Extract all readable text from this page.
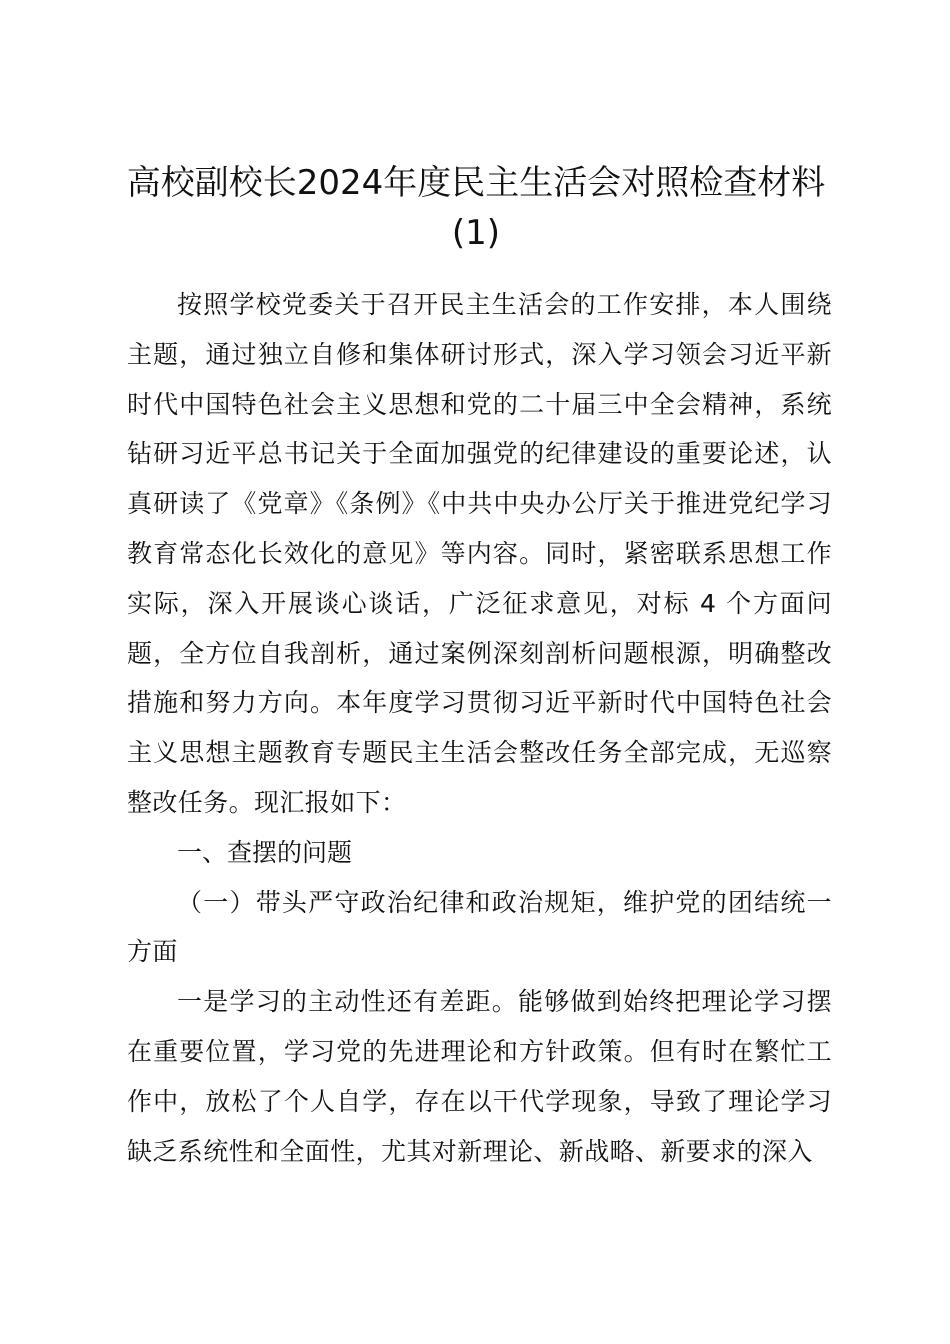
高校副校长2024年度民主生活会对照检查材料(1)

按照学校党委关于召开民主生活会的工作安排，本人围绕主题，通过独立自修和集体研讨形式，深入学习领会习近平新时代中国特色社会主义思想和党的二十届三中全会精神，系统钻研习近平总书记关于全面加强党的纪律建设的重要论述，认真研读了《党章》《条例》《中共中央办公厅关于推进党纪学习教育常态化长效化的意见》等内容。同时，紧密联系思想工作实际，深入开展谈心谈话，广泛征求意见，对标 4 个方面问题，全方位自我剖析，通过案例深刻剖析问题根源，明确整改措施和努力方向。本年度学习贯彻习近平新时代中国特色社会主义思想主题教育专题民主生活会整改任务全部完成，无巡察整改任务。现汇报如下：

一、查摆的问题

（一）带头严守政治纪律和政治规矩，维护党的团结统一方面

一是学习的主动性还有差距。能够做到始终把理论学习摆在重要位置，学习党的先进理论和方针政策。但有时在繁忙工作中，放松了个人自学，存在以干代学现象，导致了理论学习缺乏系统性和全面性，尤其对新理论、新战略、新要求的深入
